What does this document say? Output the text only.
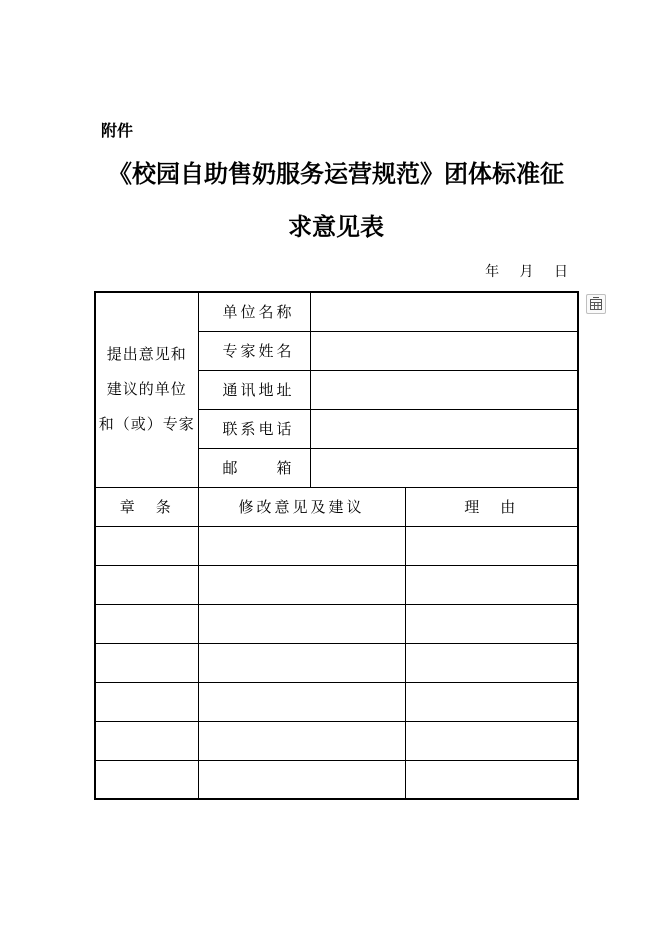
附件
《校园自助售奶服务运营规范》团体标准征
求意见表
年 月 日
提出意见和
建议的单位
和（或）专家	单位名称		
	专家姓名		
	通讯地址		
	联系电话		
	邮　　箱		
章　条	修改意见及建议		理　由
